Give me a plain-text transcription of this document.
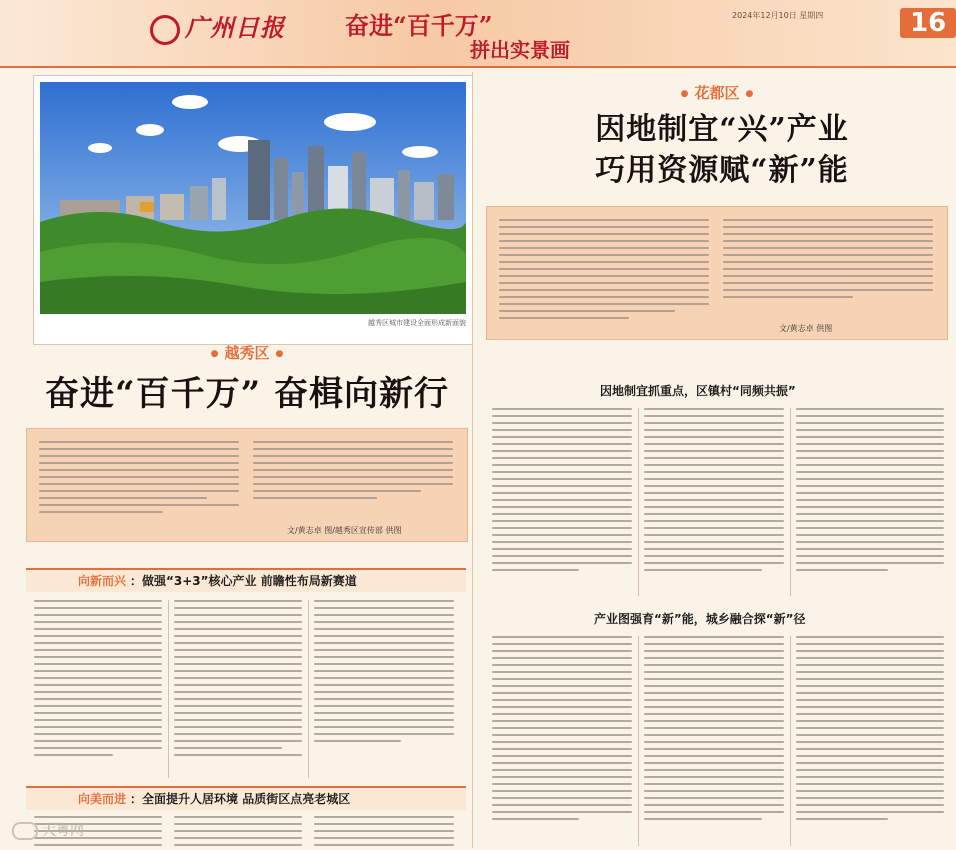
广州日报	奋进“百千万”
拼出实景画
2024年12月10日 星期四	16
越秀区城市建设全面形成新面貌
● 越秀区 ●
奋进“百千万” 奋楫向新行
文/黄志卓 图/越秀区宣传部 供图
向新而兴 ：做强“3+3”核心产业 前瞻性布局新赛道
向美而进 ：全面提升人居环境 品质街区点亮老城区
● 花都区 ●
因地制宜“兴”产业
巧用资源赋“新”能
文/黄志卓 供图
因地制宜抓重点，区镇村“同频共振”
产业图强育“新”能，城乡融合探“新”径
大粤网
